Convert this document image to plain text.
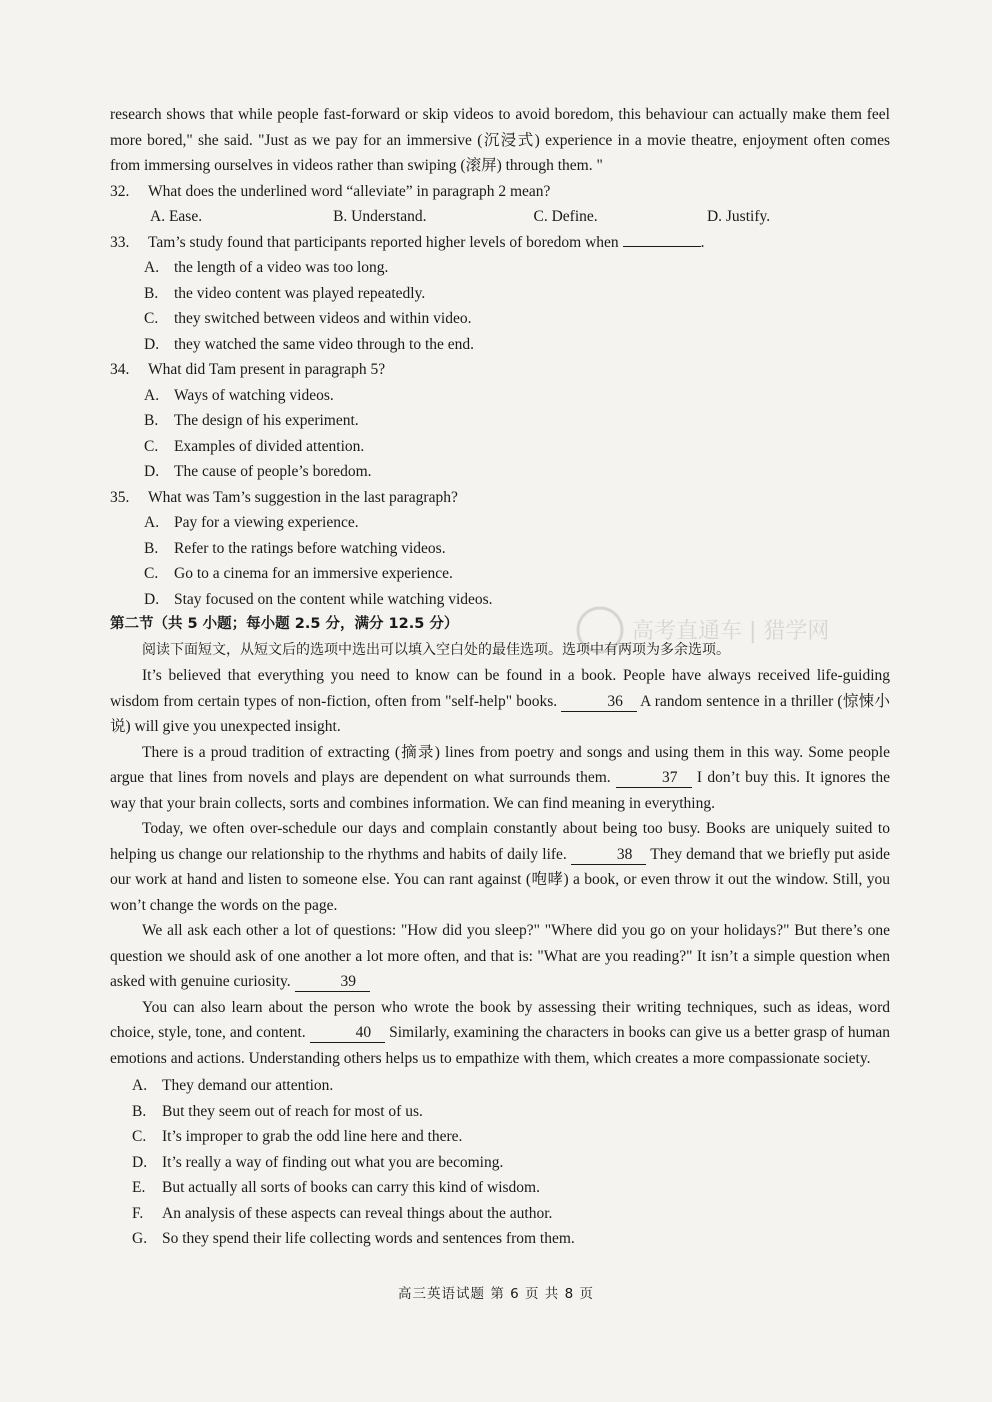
research shows that while people fast-forward or skip videos to avoid boredom, this behaviour can actually make them feel more bored," she said. "Just as we pay for an immersive (沉浸式) experience in a movie theatre, enjoyment often comes from immersing ourselves in videos rather than swiping (滚屏) through them. "

32. What does the underlined word “alleviate” in paragraph 2 mean?

A. Ease.	B. Understand.	C. Define.	D. Justify.

33. Tam’s study found that participants reported higher levels of boredom when	.

A. the length of a video was too long.

B. the video content was played repeatedly.

C. they switched between videos and within video.

D. they watched the same video through to the end.

34. What did Tam present in paragraph 5?

A. Ways of watching videos.

B. The design of his experiment.

C. Examples of divided attention.

D. The cause of people’s boredom.

35. What was Tam’s suggestion in the last paragraph?

A. Pay for a viewing experience.

B. Refer to the ratings before watching videos.

C. Go to a cinema for an immersive experience.

D. Stay focused on the content while watching videos.

第二节（共 5 小题；每小题 2.5 分，满分 12.5 分）

阅读下面短文，从短文后的选项中选出可以填入空白处的最佳选项。选项中有两项为多余选项。

It’s believed that everything you need to know can be found in a book. People have always received life-guiding wisdom from certain types of non-fiction, often from "self-help" books.	36 A random sentence in a thriller (惊悚小说) will give you unexpected insight.

There is a proud tradition of extracting (摘录) lines from poetry and songs and using them in this way. Some people argue that lines from novels and plays are dependent on what surrounds them.	37 I don’t buy this. It ignores the way that your brain collects, sorts and combines information. We can find meaning in everything.

Today, we often over-schedule our days and complain constantly about being too busy. Books are uniquely suited to helping us change our relationship to the rhythms and habits of daily life.	38 They demand that we briefly put aside our work at hand and listen to someone else. You can rant against (咆哮) a book, or even throw it out the window. Still, you won’t change the words on the page.

We all ask each other a lot of questions: "How did you sleep?" "Where did you go on your holidays?" But there’s one question we should ask of one another a lot more often, and that is: "What are you reading?" It isn’t a simple question when asked with genuine curiosity.	39

You can also learn about the person who wrote the book by assessing their writing techniques, such as ideas, word choice, style, tone, and content.	40 Similarly, examining the characters in books can give us a better grasp of human emotions and actions. Understanding others helps us to empathize with them, which creates a more compassionate society.

A. They demand our attention.

B. But they seem out of reach for most of us.

C. It’s improper to grab the odd line here and there.

D. It’s really a way of finding out what you are becoming.

E. But actually all sorts of books can carry this kind of wisdom.

F. An analysis of these aspects can reveal things about the author.

G. So they spend their life collecting words and sentences from them.

高考直通车 | 猎学网
高三英语试题 第 6 页 共 8 页
